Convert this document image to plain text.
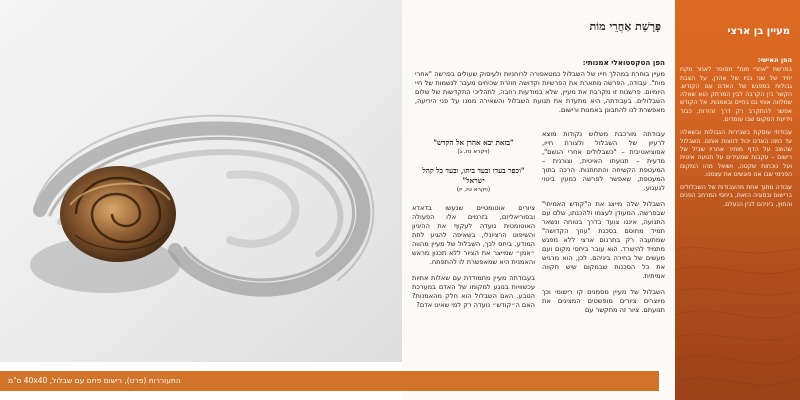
פָּרָשַׁת אַחֲרֵי מוֹת
הפן הטקסטואלי אמנותי:

מעיין בוחרת במהלך חייו של השבלול כמטאפורה לרוחניות ולעיסוק שעולים בפרשה "אחרי מות". עבודה, הפרשה מתארת את הפרשיות וקדושה חוזרת שכיחים מעבר לנשמות של חיי היומיום. פרשנות זו מקרבת את מעיין, שלא במודעות רחבה, לתהליכי התקדשות של שלום השבלולים. בעבודתה, היא מתעדת את תנועת השבלול והשאירה ממנו על פני היריעה, מאפשרת לנו להתבונן באמנות ורישום.

עבודתה מורכבת משלוש נקודות מוצא לרעיון של השבלול ולצורת חייו, אסוציאטיבית – "כשבלולים אחרי הגשם", מדעית – תנועתו האיטית, וצורנית – המעטפת הקשיחה והתחתנות. הרכה בתוך המעטפת, שאפשר לפרשה כמעין ביטוי לגעגוע.

השבלול שלה מייצג את ה"קודש האמיתי" שבפרשה. המעודן לעצמו ולהכנתו, שלם עם התנועה, איננו צועד בדרך בטוחה ונשאר תמיד מחוסם בסכנת "עוזך הקדושה" שמתעבה רק בתרגום ארצי ללא מפגש מתמיד להישרד. הוא עובר ביחסי מקום ועם מעשים של בחירה ביניהם. לכן, הוא מרגיש את כל הסכנות שבמקום שיש תקווה אמיתית.

השבלול של מעיין מסמנים קו רישומי וכך מיוצרים ציורים מופשטים המציגים את תנועתם. ציור זה מתקשר עם

"בזאת יבא אהרן אל הקדש"
(ויקרא טז, ג)
"וכפר בעדו ובעד ביתו, ובעד כל קהל ישראל"
(ויקרא טז, יז)

ציורים אוטומטיים שנעשו בדאדא ובסוריאליזם, בזרמים אלו הפעולה האוטומטית נועדה לעקוף את ההיגיון והשיפוט הרציונלי, בשאיפה להגיע לתת המודע. ביחס לכך, השבלול של מעיין מהווה ״אמן״ שמייצר את הציור ללא תכנון מראש והאמנית היא שמאפשרת לו להתפתח.

בעבודתה מעיין מתמודדת עם שאלות אתיות עכשוויות בנוגע למקומו של האדם במערכת הטבע. האם השבלול הוא חלק מהאמנות? האם ה״קודש״ נועדה רק למי שאינו אדם?

מעיין בן ארצי
הפן האישי:

בפרשת "אחרי מות" מסופר לאחר מקח יחיד של שני בניו של אהרן, על הצבת גבולות במפגש של האדם עם הקודש. הקשר בין הקרבה לבין המרחק הוא שאלה שמלווה אותי גם בחיים ובאמנות. אל הקודש אפשר להתקרב רק דרך זהירות, כבוד וידיעת המקום שבו עומדים.

עבודתי עוסקת בשבירות הגבולות ובשאלה עד כמה האדם יכול לחצות אותם. השבלול שהוצב על הדף מותיר אחריו שביל של רישום – עקבות שמעידים על תנועה איטית ועל נוכחות שקטה, ושואל מהו המקום הפנימי שבו אנו פוגשים את עצמנו.

עבודה מתוך אחת מהעבודות של השבלולים ברישום ובסוגיה הזאת, ביחסי המרחב הפנים והחוץ, ביניהם לבין הנעלם.

התעוררות (פרט), רישום פחם עם שבלול, 40x40 ס"מ
